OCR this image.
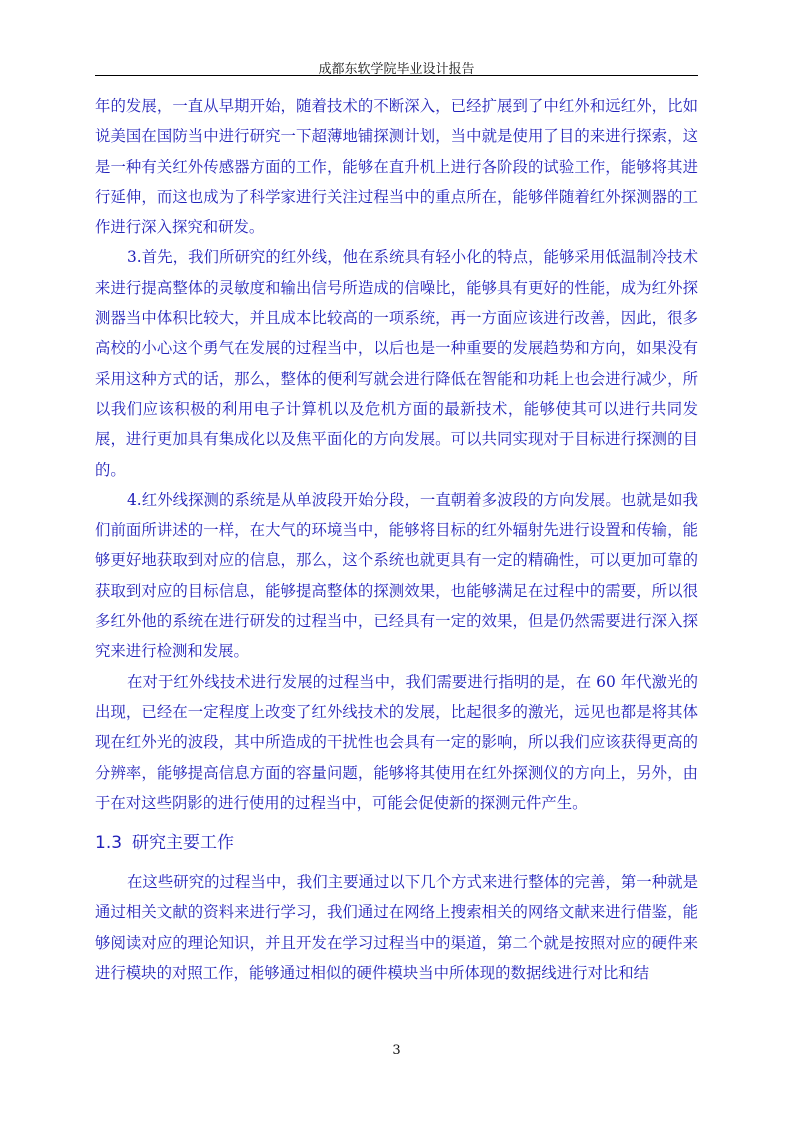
成都东软学院毕业设计报告

年的发展，一直从早期开始，随着技术的不断深入，已经扩展到了中红外和远红外，比如说美国在国防当中进行研究一下超薄地铺探测计划，当中就是使用了目的来进行探索，这是一种有关红外传感器方面的工作，能够在直升机上进行各阶段的试验工作，能够将其进行延伸，而这也成为了科学家进行关注过程当中的重点所在，能够伴随着红外探测器的工作进行深入探究和研发。

3.首先，我们所研究的红外线，他在系统具有轻小化的特点，能够采用低温制冷技术来进行提高整体的灵敏度和输出信号所造成的信噪比，能够具有更好的性能，成为红外探测器当中体积比较大，并且成本比较高的一项系统，再一方面应该进行改善，因此，很多高校的小心这个勇气在发展的过程当中，以后也是一种重要的发展趋势和方向，如果没有采用这种方式的话，那么，整体的便利写就会进行降低在智能和功耗上也会进行减少，所以我们应该积极的利用电子计算机以及危机方面的最新技术，能够使其可以进行共同发展，进行更加具有集成化以及焦平面化的方向发展。可以共同实现对于目标进行探测的目的。

4.红外线探测的系统是从单波段开始分段，一直朝着多波段的方向发展。也就是如我们前面所讲述的一样，在大气的环境当中，能够将目标的红外辐射先进行设置和传输，能够更好地获取到对应的信息，那么，这个系统也就更具有一定的精确性，可以更加可靠的获取到对应的目标信息，能够提高整体的探测效果，也能够满足在过程中的需要，所以很多红外他的系统在进行研发的过程当中，已经具有一定的效果，但是仍然需要进行深入探究来进行检测和发展。

在对于红外线技术进行发展的过程当中，我们需要进行指明的是，在 60 年代激光的出现，已经在一定程度上改变了红外线技术的发展，比起很多的激光，远见也都是将其体现在红外光的波段，其中所造成的干扰性也会具有一定的影响，所以我们应该获得更高的分辨率，能够提高信息方面的容量问题，能够将其使用在红外探测仪的方向上，另外，由于在对这些阴影的进行使用的过程当中，可能会促使新的探测元件产生。

1.3 研究主要工作

在这些研究的过程当中，我们主要通过以下几个方式来进行整体的完善，第一种就是通过相关文献的资料来进行学习，我们通过在网络上搜索相关的网络文献来进行借鉴，能够阅读对应的理论知识，并且开发在学习过程当中的渠道，第二个就是按照对应的硬件来进行模块的对照工作，能够通过相似的硬件模块当中所体现的数据线进行对比和结

3
